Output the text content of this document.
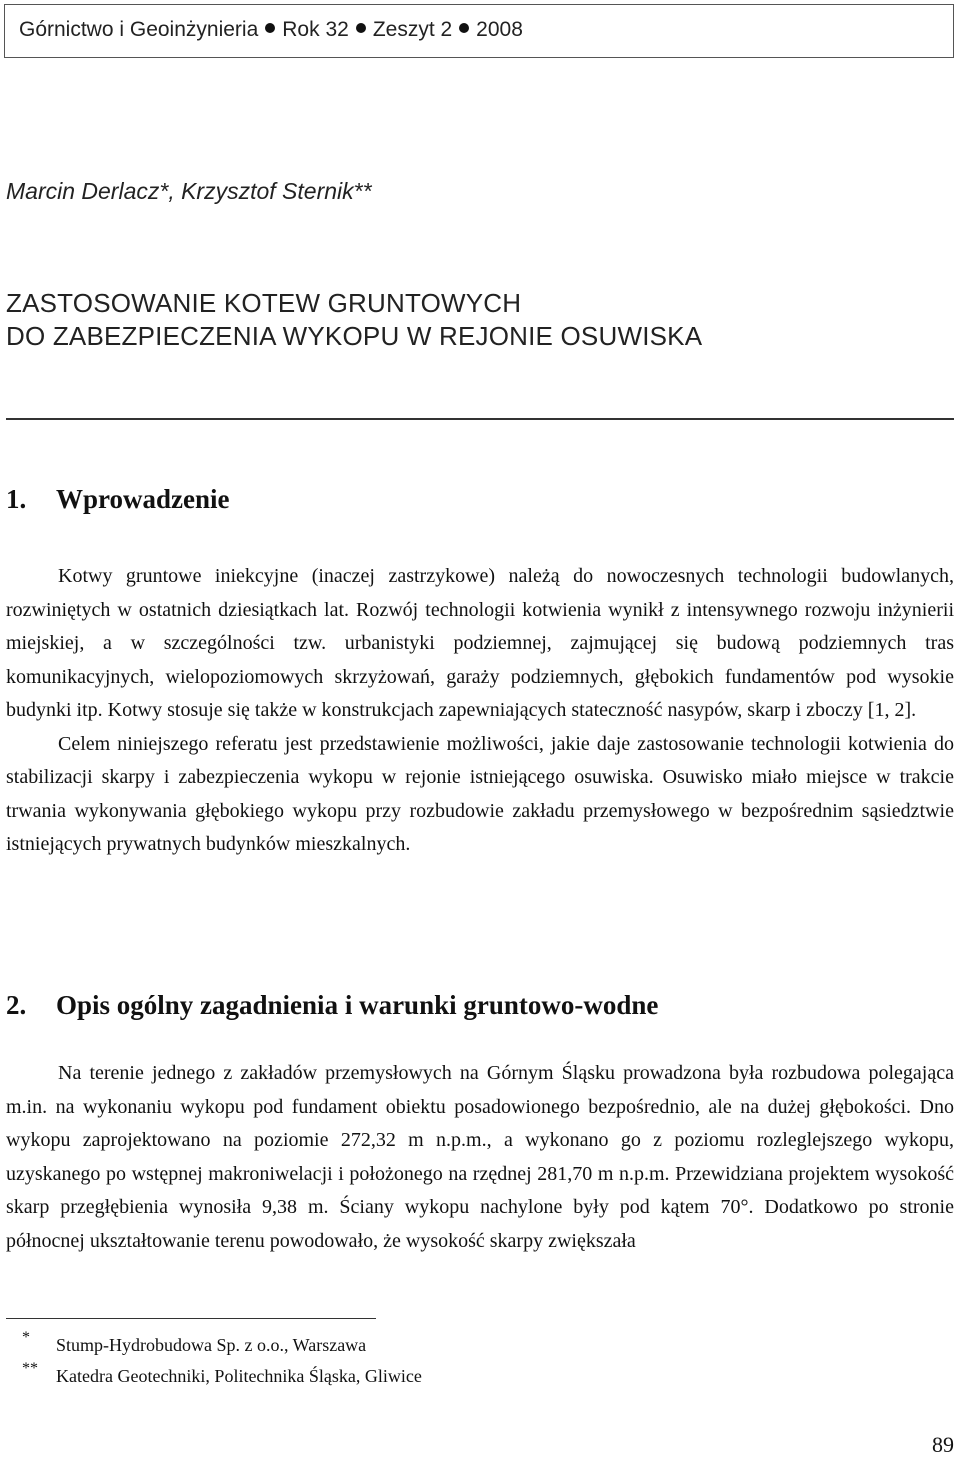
Górnictwo i Geoinżynieria Rok 32 Zeszyt 2 2008
Marcin Derlacz*, Krzysztof Sternik**
ZASTOSOWANIE KOTEW GRUNTOWYCH
DO ZABEZPIECZENIA WYKOPU W REJONIE OSUWISKA
1. Wprowadzenie

Kotwy gruntowe iniekcyjne (inaczej zastrzykowe) należą do nowoczesnych technologii budowlanych, rozwiniętych w ostatnich dziesiątkach lat. Rozwój technologii kotwienia wynikł z intensywnego rozwoju inżynierii miejskiej, a w szczególności tzw. urbanistyki podziemnej, zajmującej się budową podziemnych tras komunikacyjnych, wielopoziomowych skrzyżowań, garaży podziemnych, głębokich fundamentów pod wysokie budynki itp. Kotwy stosuje się także w konstrukcjach zapewniających stateczność nasypów, skarp i zboczy [1, 2].

Celem niniejszego referatu jest przedstawienie możliwości, jakie daje zastosowanie technologii kotwienia do stabilizacji skarpy i zabezpieczenia wykopu w rejonie istniejącego osuwiska. Osuwisko miało miejsce w trakcie trwania wykonywania głębokiego wykopu przy rozbudowie zakładu przemysłowego w bezpośrednim sąsiedztwie istniejących prywatnych budynków mieszkalnych.

2. Opis ogólny zagadnienia i warunki gruntowo-wodne

Na terenie jednego z zakładów przemysłowych na Górnym Śląsku prowadzona była rozbudowa polegająca m.in. na wykonaniu wykopu pod fundament obiektu posadowionego bezpośrednio, ale na dużej głębokości. Dno wykopu zaprojektowano na poziomie 272,32 m n.p.m., a wykonano go z poziomu rozleglejszego wykopu, uzyskanego po wstępnej makroniwelacji i położonego na rzędnej 281,70 m n.p.m. Przewidziana projektem wysokość skarp przegłębienia wynosiła 9,38 m. Ściany wykopu nachylone były pod kątem 70°. Dodatkowo po stronie północnej ukształtowanie terenu powodowało, że wysokość skarpy zwiększała

* Stump-Hydrobudowa Sp. z o.o., Warszawa
** Katedra Geotechniki, Politechnika Śląska, Gliwice
89
